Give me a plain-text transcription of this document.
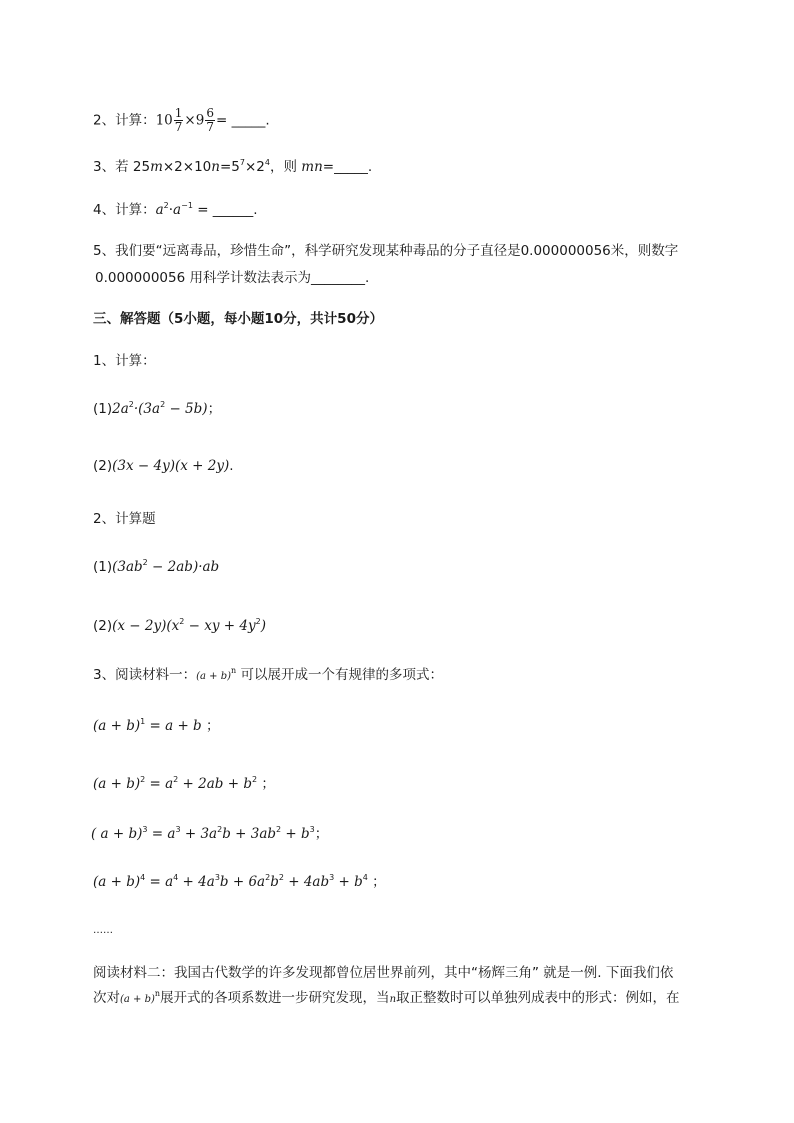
2、计算：$10 \frac{1}{7} \times 9 \frac{6}{7}$ = _____.
3、若 $25m\times 2\times 10n=5^7\times 2^4$，则 mn=_____.
4、计算：$a^2\cdot a^{-1}$ = ______.
5、我们要“远离毒品，珍惜生命”，科学研究发现某种毒品的分子直径是0.000000056米，则数字
0.000000056 用科学计数法表示为________.
三、解答题（5小题，每小题10分，共计50分）
1、计算：
$(1)2a^2\cdot(3a^2 - 5b)$；
(2)(3x − 4y)(x + 2y).
2、计算题
$(1)(3ab^2 - 2ab)\cdot ab$
$(2)(x - 2y)(x^2$ − xy + $4y^2$)
3、阅读材料一：$(a + b)^n$ 可以展开成一个有规律的多项式：
$(a + b)^1 = a + b$ ；
$(a + b)^2 = a^2 + 2ab + b^2$ ；
( $a + b)^3 = a^3 + 3a^2b + 3ab^2 + b^3$；
$(a + b)^4 = a^4 + 4a^3b + 6a^2b^2 + 4ab^3 + b^4$ ；
……
阅读材料二：我国古代数学的许多发现都曾位居世界前列，其中“杨辉三角” 就是一例. 下面我们依
次对$(a + b)^n$展开式的各项系数进一步研究发现，当n取正整数时可以单独列成表中的形式：例如，在
